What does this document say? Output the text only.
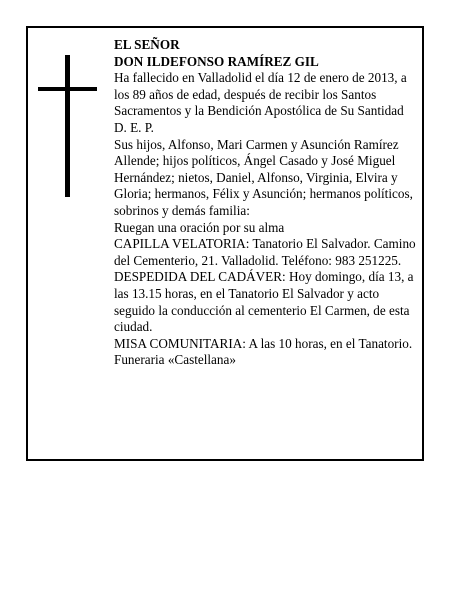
EL SEÑOR

DON ILDEFONSO RAMÍREZ GIL

Ha fallecido en Valladolid el día 12 de enero de 2013, a los 89 años de edad, después de recibir los Santos Sacramentos y la Bendición Apostólica de Su Santidad D. E. P.

Sus hijos, Alfonso, Mari Carmen y Asunción Ramírez Allende; hijos políticos, Ángel Casado y José Miguel Hernández; nietos, Daniel, Alfonso, Virginia, Elvira y Gloria; hermanos, Félix y Asunción; hermanos políticos, sobrinos y demás familia:

Ruegan una oración por su alma

CAPILLA VELATORIA: Tanatorio El Salvador. Camino del Cementerio, 21. Valladolid. Teléfono: 983 251225.

DESPEDIDA DEL CADÁVER: Hoy domingo, día 13, a las 13.15 horas, en el Tanatorio El Salvador y acto seguido la conducción al cementerio El Carmen, de esta ciudad.

MISA COMUNITARIA: A las 10 horas, en el Tanatorio.

Funeraria «Castellana»
